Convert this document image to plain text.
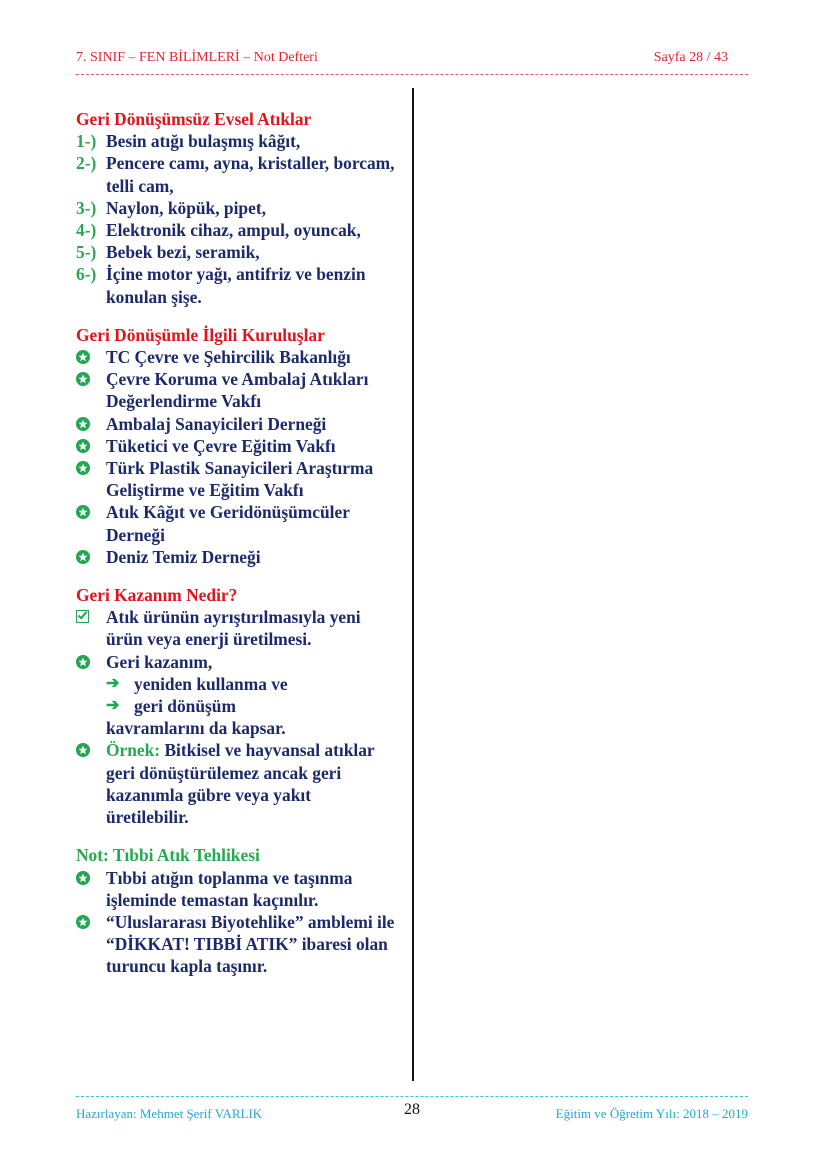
7. SINIF – FEN BİLİMLERİ – Not Defteri	Sayfa 28 / 43
Geri Dönüşümsüz Evsel Atıklar
1-) Besin atığı bulaşmış kâğıt,
2-) Pencere camı, ayna, kristaller, borcam, telli cam,
3-) Naylon, köpük, pipet,
4-) Elektronik cihaz, ampul, oyuncak,
5-) Bebek bezi, seramik,
6-) İçine motor yağı, antifriz ve benzin konulan şişe.
Geri Dönüşümle İlgili Kuruluşlar
TC Çevre ve Şehircilik Bakanlığı
Çevre Koruma ve Ambalaj Atıkları Değerlendirme Vakfı
Ambalaj Sanayicileri Derneği
Tüketici ve Çevre Eğitim Vakfı
Türk Plastik Sanayicileri Araştırma Geliştirme ve Eğitim Vakfı
Atık Kâğıt ve Geridönüşümcüler Derneği
Deniz Temiz Derneği
Geri Kazanım Nedir?
Atık ürünün ayrıştırılmasıyla yeni ürün veya enerji üretilmesi.
Geri kazanım,
➔ yeniden kullanma ve
➔ geri dönüşüm
kavramlarını da kapsar.
Örnek: Bitkisel ve hayvansal atıklar geri dönüştürülemez ancak geri kazanımla gübre veya yakıt üretilebilir.
Not: Tıbbi Atık Tehlikesi
Tıbbi atığın toplanma ve taşınma işleminde temastan kaçınılır.
“Uluslararası Biyotehlike” amblemi ile “DİKKAT! TIBBİ ATIK” ibaresi olan turuncu kapla taşınır.
Hazırlayan: Mehmet Şerif VARLIK	28	Eğitim ve Öğretim Yılı: 2018 – 2019
